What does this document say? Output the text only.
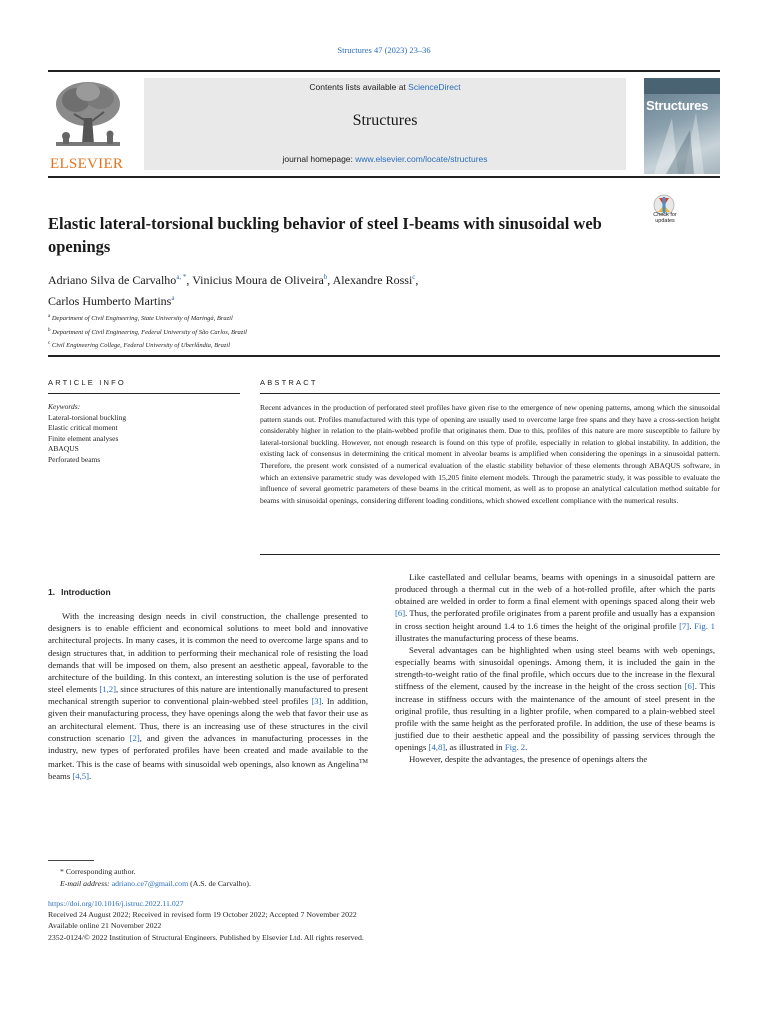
Structures 47 (2023) 23–36
ELSEVIER
Contents lists available at ScienceDirect
Structures
journal homepage: www.elsevier.com/locate/structures
Structures
Elastic lateral-torsional buckling behavior of steel I-beams with sinusoidal web openings
Check for updates
Adriano Silva de Carvalho$^{a, *}$, Vinicius Moura de Oliveira$^b$, Alexandre Rossi$^c$,
Carlos Humberto Martins$^a$
$^a$ Department of Civil Engineering, State University of Maringá, Brazil
$^b$ Department of Civil Engineering, Federal University of São Carlos, Brazil
$^c$ Civil Engineering College, Federal University of Uberlândia, Brazil
ARTICLE INFO	ABSTRACT
Keywords:
Lateral-torsional buckling
Elastic critical moment
Finite element analyses
ABAQUS
Perforated beams
Recent advances in the production of perforated steel profiles have given rise to the emergence of new opening patterns, among which the sinusoidal pattern stands out. Profiles manufactured with this type of opening are usually used to overcome large free spans and they have a cross-section height considerably higher in relation to the plain-webbed profile that originates them. Due to this, profiles of this nature are more susceptible to failure by lateral-torsional buckling. However, not enough research is found on this type of profile, especially in relation to global instability. In addition, the existing lack of consensus in determining the critical moment in alveolar beams is amplified when considering the openings in a sinusoidal pattern. Therefore, the present work consisted of a numerical evaluation of the elastic stability behavior of these elements through ABAQUS software, in which an extensive parametric study was developed with 15,205 finite element models. Through the parametric study, it was possible to evaluate the influence of several geometric parameters of these beams in the critical moment, as well as to propose an analytical calculation method suitable for beams with sinusoidal openings, considering different loading conditions, which showed excellent compliance with the numerical results.
1. Introduction

With the increasing design needs in civil construction, the challenge presented to designers is to enable efficient and economical solutions to meet bold and innovative architectural projects. In many cases, it is common the need to overcome large spans and to design structures that, in addition to performing their mechanical role of resisting the load demands that will be imposed on them, also present an aesthetic appeal, favorable to the architecture of the building. In this context, an interesting solution is the use of perforated steel elements [1,2], since structures of this nature are intentionally manufactured to present mechanical strength superior to conventional plain-webbed steel profiles [3]. In addition, given their manufacturing process, they have openings along the web that favor their use as an architectural element. Thus, there is an increasing use of these structures in the civil construction scenario [2], and given the advances in manufacturing processes in the industry, new types of perforated profiles have been created and made available to the market. This is the case of beams with sinusoidal web openings, also known as Angelina™ beams [4,5].

Like castellated and cellular beams, beams with openings in a sinusoidal pattern are produced through a thermal cut in the web of a hot-rolled profile, after which the parts obtained are welded in order to form a final element with openings spaced along their web [6]. Thus, the perforated profile originates from a parent profile and usually has a expansion in cross section height around 1.4 to 1.6 times the height of the original profile [7]. Fig. 1 illustrates the manufacturing process of these beams.

Several advantages can be highlighted when using steel beams with web openings, especially beams with sinusoidal openings. Among them, it is included the gain in the strength-to-weight ratio of the final profile, which occurs due to the increase in the flexural stiffness of the element, caused by the increase in the height of the cross section [6]. This increase in stiffness occurs with the maintenance of the amount of steel present in the original profile, thus resulting in a lighter profile, when compared to a plain-webbed steel profile with the same height as the perforated profile. In addition, the use of these beams is justified due to their aesthetic appeal and the possibility of passing services through the openings [4,8], as illustrated in Fig. 2.

However, despite the advantages, the presence of openings alters the

* Corresponding author.
E-mail address: adriano.ce7@gmail.com (A.S. de Carvalho).
https://doi.org/10.1016/j.istruc.2022.11.027
Received 24 August 2022; Received in revised form 19 October 2022; Accepted 7 November 2022
Available online 21 November 2022
2352-0124/© 2022 Institution of Structural Engineers. Published by Elsevier Ltd. All rights reserved.
